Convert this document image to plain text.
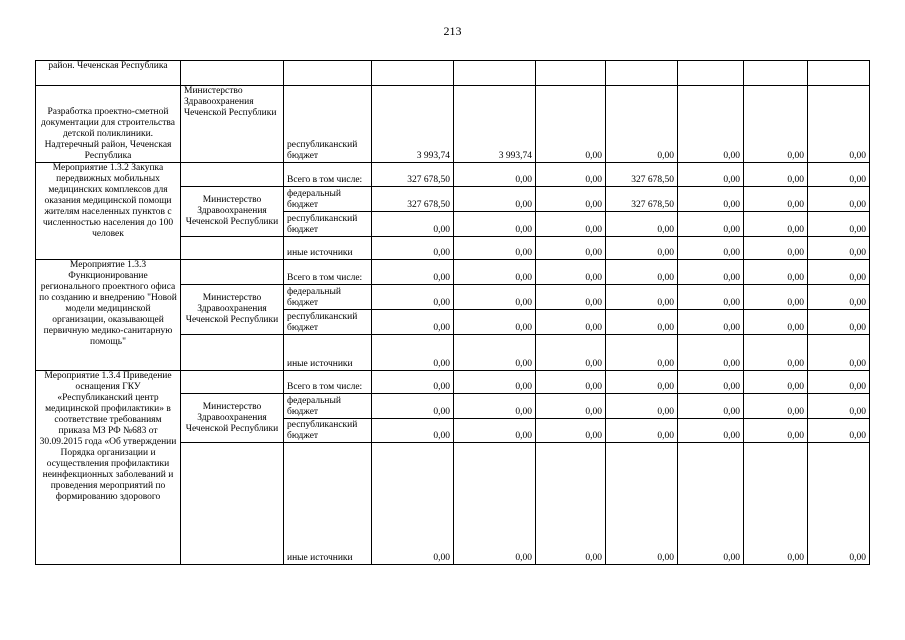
213
район. Чеченская Республика									
Разработка проектно-сметной документации для строительства детской поликлиники. Надтеречный район, Чеченская Республика	Министерство Здравоохранения Чеченской Республики	республиканский бюджет	3 993,74	3 993,74	0,00	0,00	0,00	0,00	0,00
Мероприятие 1.3.2 Закупка передвижных мобильных медицинских комплексов для оказания медицинской помощи жителям населенных пунктов с численностью населения до 100 человек		Всего в том числе:	327 678,50	0,00	0,00	327 678,50	0,00	0,00	0,00
	Министерство Здравоохранения Чеченской Республики	федеральный бюджет	327 678,50	0,00	0,00	327 678,50	0,00	0,00	0,00
		республиканский бюджет	0,00	0,00	0,00	0,00	0,00	0,00	0,00
		иные источники	0,00	0,00	0,00	0,00	0,00	0,00	0,00
Мероприятие 1.3.3 Функционирование регионального проектного офиса по созданию и внедрению "Новой модели медицинской организации, оказывающей первичную медико-санитарную помощь"		Всего в том числе:	0,00	0,00	0,00	0,00	0,00	0,00	0,00
	Министерство Здравоохранения Чеченской Республики	федеральный бюджет	0,00	0,00	0,00	0,00	0,00	0,00	0,00
		республиканский бюджет	0,00	0,00	0,00	0,00	0,00	0,00	0,00
		иные источники	0,00	0,00	0,00	0,00	0,00	0,00	0,00
Мероприятие 1.3.4 Приведение оснащения ГКУ «Республиканский центр медицинской профилактики» в соответствие требованиям приказа МЗ РФ №683 от 30.09.2015 года «Об утверждении Порядка организации и осуществления профилактики неинфекционных заболеваний и проведения мероприятий по формированию здорового		Всего в том числе:	0,00	0,00	0,00	0,00	0,00	0,00	0,00
	Министерство Здравоохранения Чеченской Республики	федеральный бюджет	0,00	0,00	0,00	0,00	0,00	0,00	0,00
		республиканский бюджет	0,00	0,00	0,00	0,00	0,00	0,00	0,00
		иные источники	0,00	0,00	0,00	0,00	0,00	0,00	0,00
